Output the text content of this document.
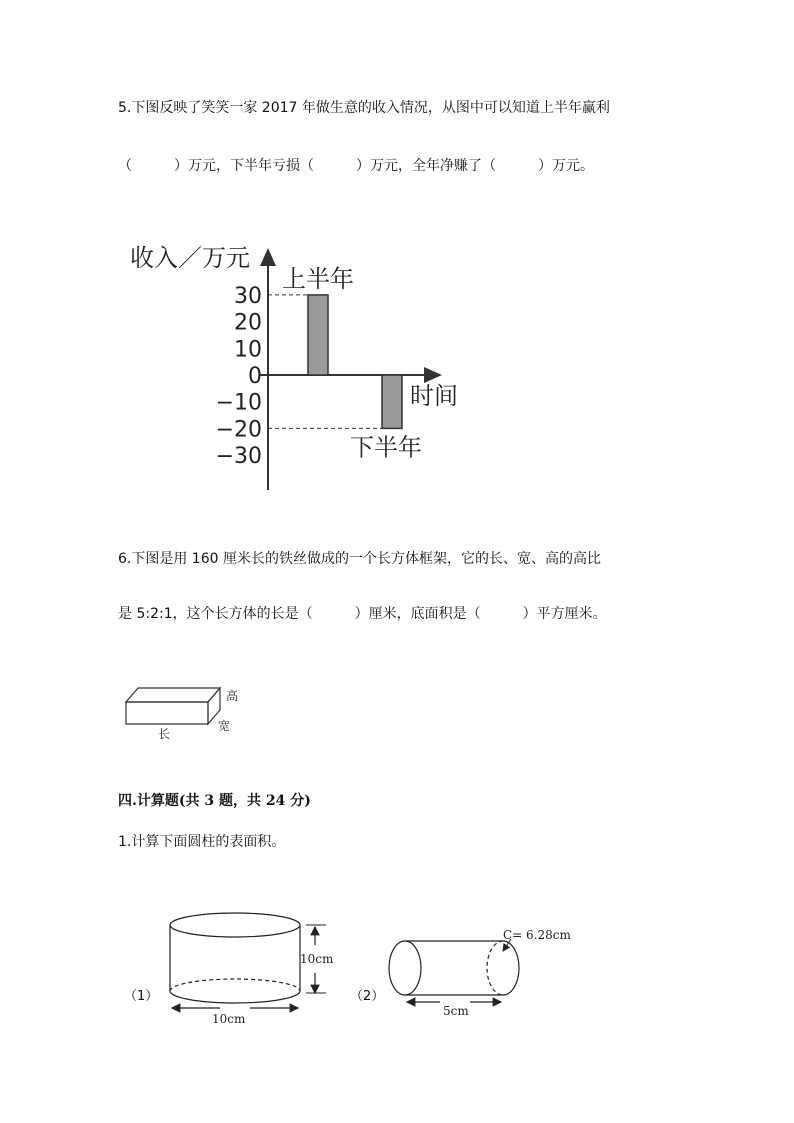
5.下图反映了笑笑一家 2017 年做生意的收入情况，从图中可以知道上半年赢利
（　　　）万元，下半年亏损（　　　）万元，全年净赚了（　　　）万元。
收入／万元
30
20
10
0
−10
−20
−30
时间
上半年
下半年
6.下图是用 160 厘米长的铁丝做成的一个长方体框架，它的长、宽、高的高比
是 5:2:1，这个长方体的长是（　　　）厘米，底面积是（　　　）平方厘米。
高
宽
长
四.计算题(共 3 题，共 24 分)
1.计算下面圆柱的表面积。
（1）
10cm
10cm
（2）
C= 6.28cm
5cm
